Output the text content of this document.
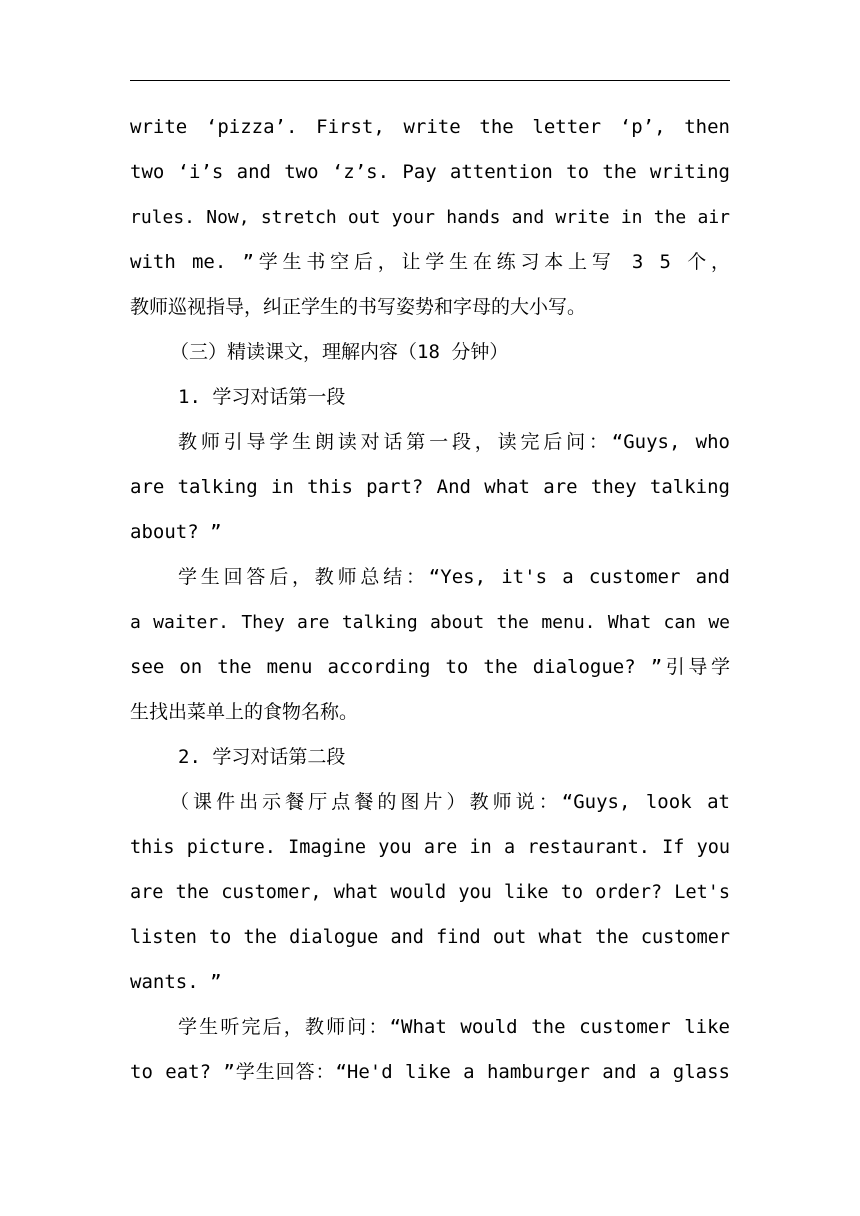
write ‘pizza’. First, write the letter ‘p’, then
two ‘i’s and two ‘z’s. Pay attention to the writing
rules. Now, stretch out your hands and write in the air
with me. ”学生书空后，让学生在练习本上写 3 5 个，
教师巡视指导，纠正学生的书写姿势和字母的大小写。
（三）精读课文，理解内容（18 分钟）
1. 学习对话第一段
教师引导学生朗读对话第一段，读完后问：“Guys, who
are talking in this part? And what are they talking
about? ”
学生回答后，教师总结：“Yes, it's a customer and
a waiter. They are talking about the menu. What can we
see on the menu according to the dialogue? ”引导学
生找出菜单上的食物名称。
2. 学习对话第二段
（课件出示餐厅点餐的图片）教师说：“Guys, look at
this picture. Imagine you are in a restaurant. If you
are the customer, what would you like to order? Let's
listen to the dialogue and find out what the customer
wants. ”
学生听完后，教师问：“What would the customer like
to eat? ”学生回答：“He'd like a hamburger and a glass
